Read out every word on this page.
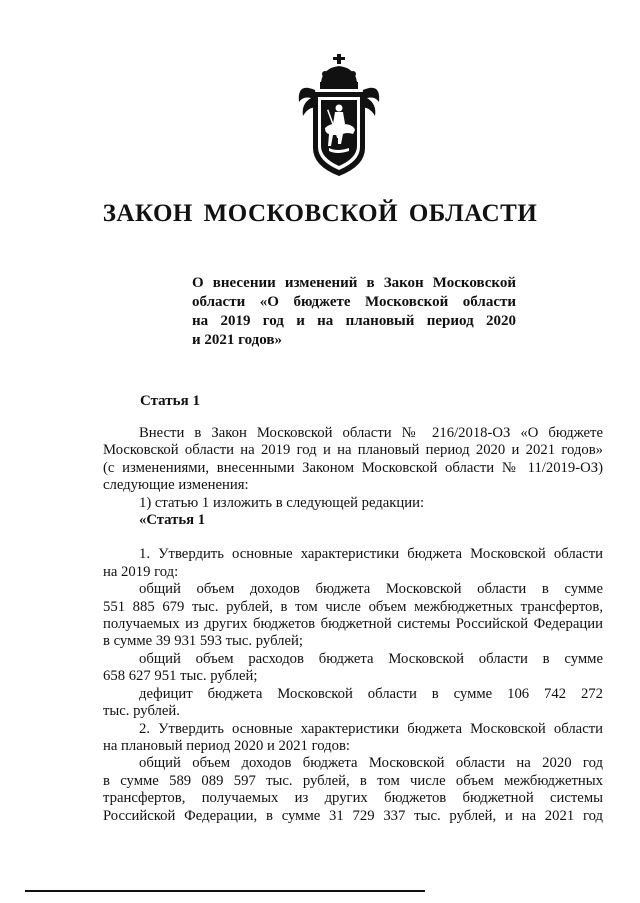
ЗАКОН МОСКОВСКОЙ ОБЛАСТИ
О внесении изменений в Закон Московской
области «О бюджете Московской области
на 2019 год и на плановый период 2020
и 2021 годов»
Статья 1
Внести в Закон Московской области № 216/2018-ОЗ «О бюджете
Московской области на 2019 год и на плановый период 2020 и 2021 годов»
(с изменениями, внесенными Законом Московской области № 11/2019-ОЗ)
следующие изменения:
1) статью 1 изложить в следующей редакции:
«Статья 1
1. Утвердить основные характеристики бюджета Московской области
на 2019 год:
общий объем доходов бюджета Московской области в сумме
551 885 679 тыс. рублей, в том числе объем межбюджетных трансфертов,
получаемых из других бюджетов бюджетной системы Российской Федерации
в сумме 39 931 593 тыс. рублей;
общий объем расходов бюджета Московской области в сумме
658 627 951 тыс. рублей;
дефицит бюджета Московской области в сумме 106 742 272
тыс. рублей.
2. Утвердить основные характеристики бюджета Московской области
на плановый период 2020 и 2021 годов:
общий объем доходов бюджета Московской области на 2020 год
в сумме 589 089 597 тыс. рублей, в том числе объем межбюджетных
трансфертов, получаемых из других бюджетов бюджетной системы
Российской Федерации, в сумме 31 729 337 тыс. рублей, и на 2021 год
